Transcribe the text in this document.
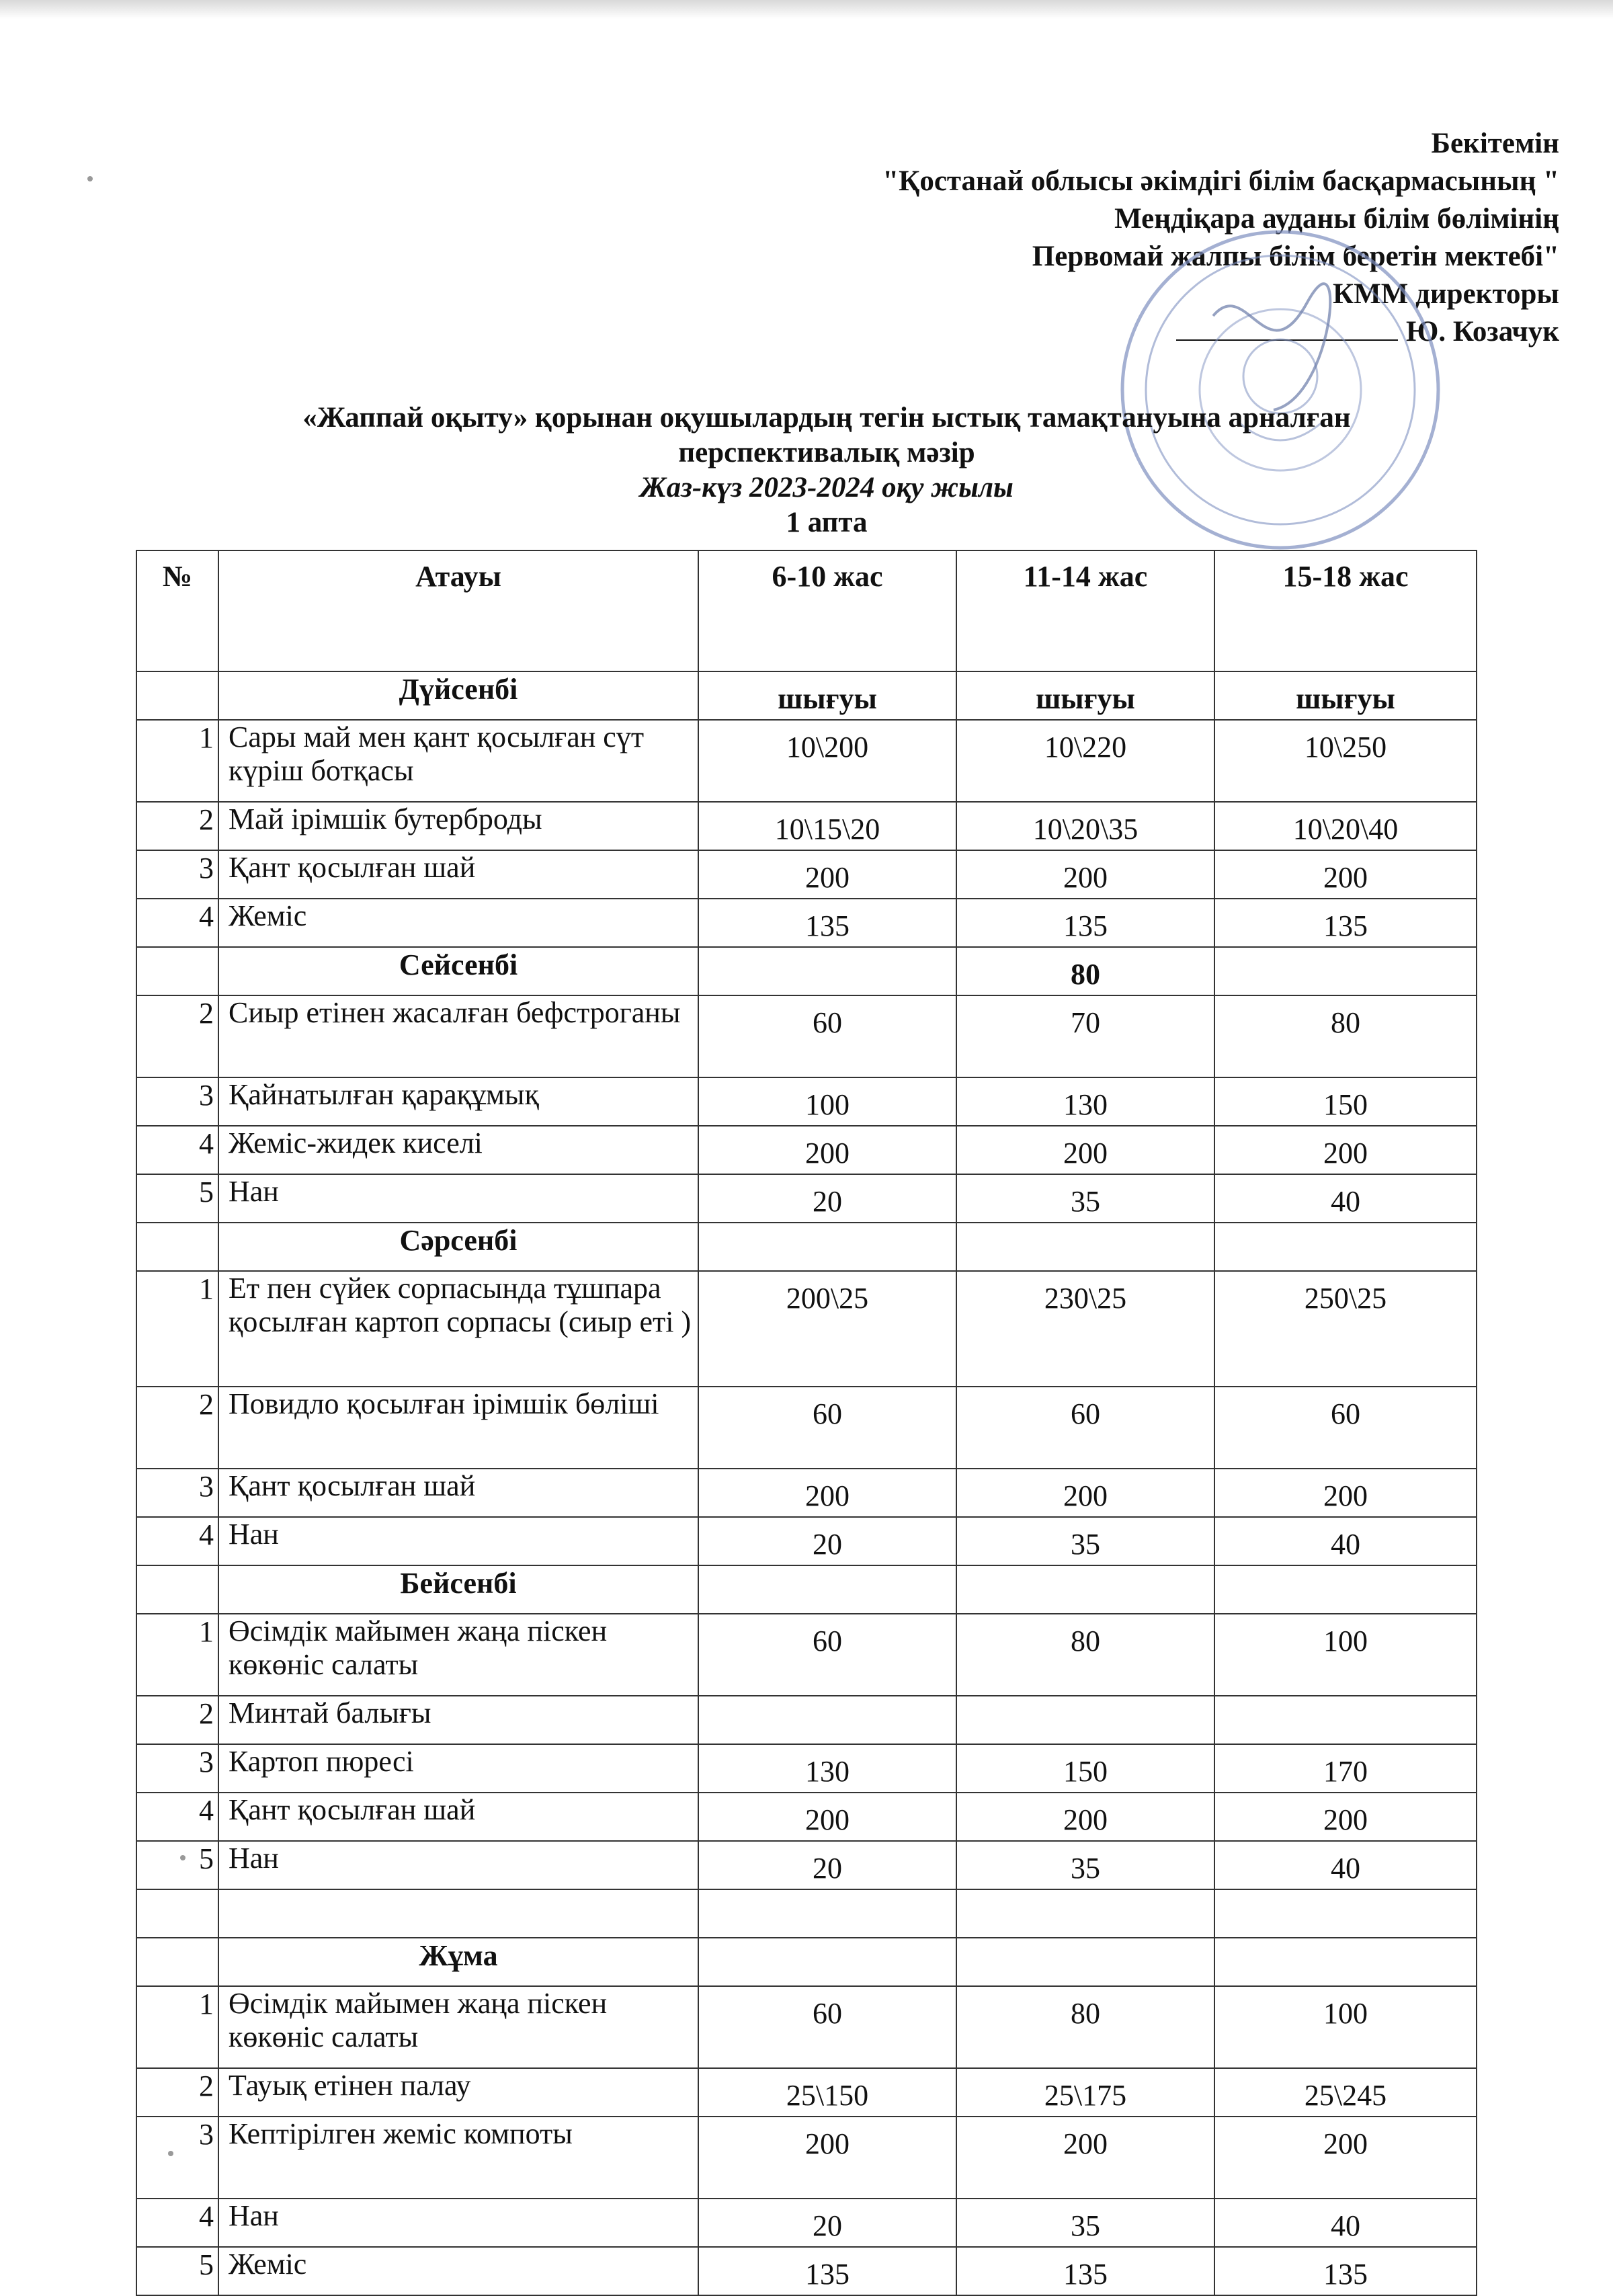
Бекітемін
"Қостанай облысы әкімдігі білім басқармасының "
Меңдіқара ауданы білім бөлімінің
Первомай жалпы білім беретін мектебі"
КММ директоры
Ю. Козачук
«Жаппай оқыту» қорынан оқушылардың тегін ыстық тамақтануына арналған
перспективалық мәзір
Жаз-күз 2023-2024 оқу жылы
1 апта
№	Атауы	6-10 жас	11-14 жас	15-18 жас
	Дүйсенбі	шығуы	шығуы	шығуы
1	Сары май мен қант қосылған сүт күріш ботқасы	10\200	10\220	10\250
2	Май ірімшік бутерброды	10\15\20	10\20\35	10\20\40
3	Қант қосылған шай	200	200	200
4	Жеміс	135	135	135
	Сейсенбі		80	
2	Сиыр етінен жасалған бефстроганы	60	70	80
3	Қайнатылған қарақұмық	100	130	150
4	Жеміс-жидек киселі	200	200	200
5	Нан	20	35	40
	Сәрсенбі			
1	Ет пен сүйек сорпасында тұшпара қосылған картоп сорпасы (сиыр еті )	200\25	230\25	250\25
2	Повидло қосылған ірімшік бөліші	60	60	60
3	Қант қосылған шай	200	200	200
4	Нан	20	35	40
	Бейсенбі			
1	Өсімдік майымен жаңа піскен көкөніс салаты	60	80	100
2	Минтай балығы			
3	Картоп пюресі	130	150	170
4	Қант қосылған шай	200	200	200
5	Нан	20	35	40

	Жұма			
1	Өсімдік майымен жаңа піскен көкөніс салаты	60	80	100
2	Тауық етінен палау	25\150	25\175	25\245
3	Кептірілген жеміс компоты	200	200	200
4	Нан	20	35	40
5	Жеміс	135	135	135
